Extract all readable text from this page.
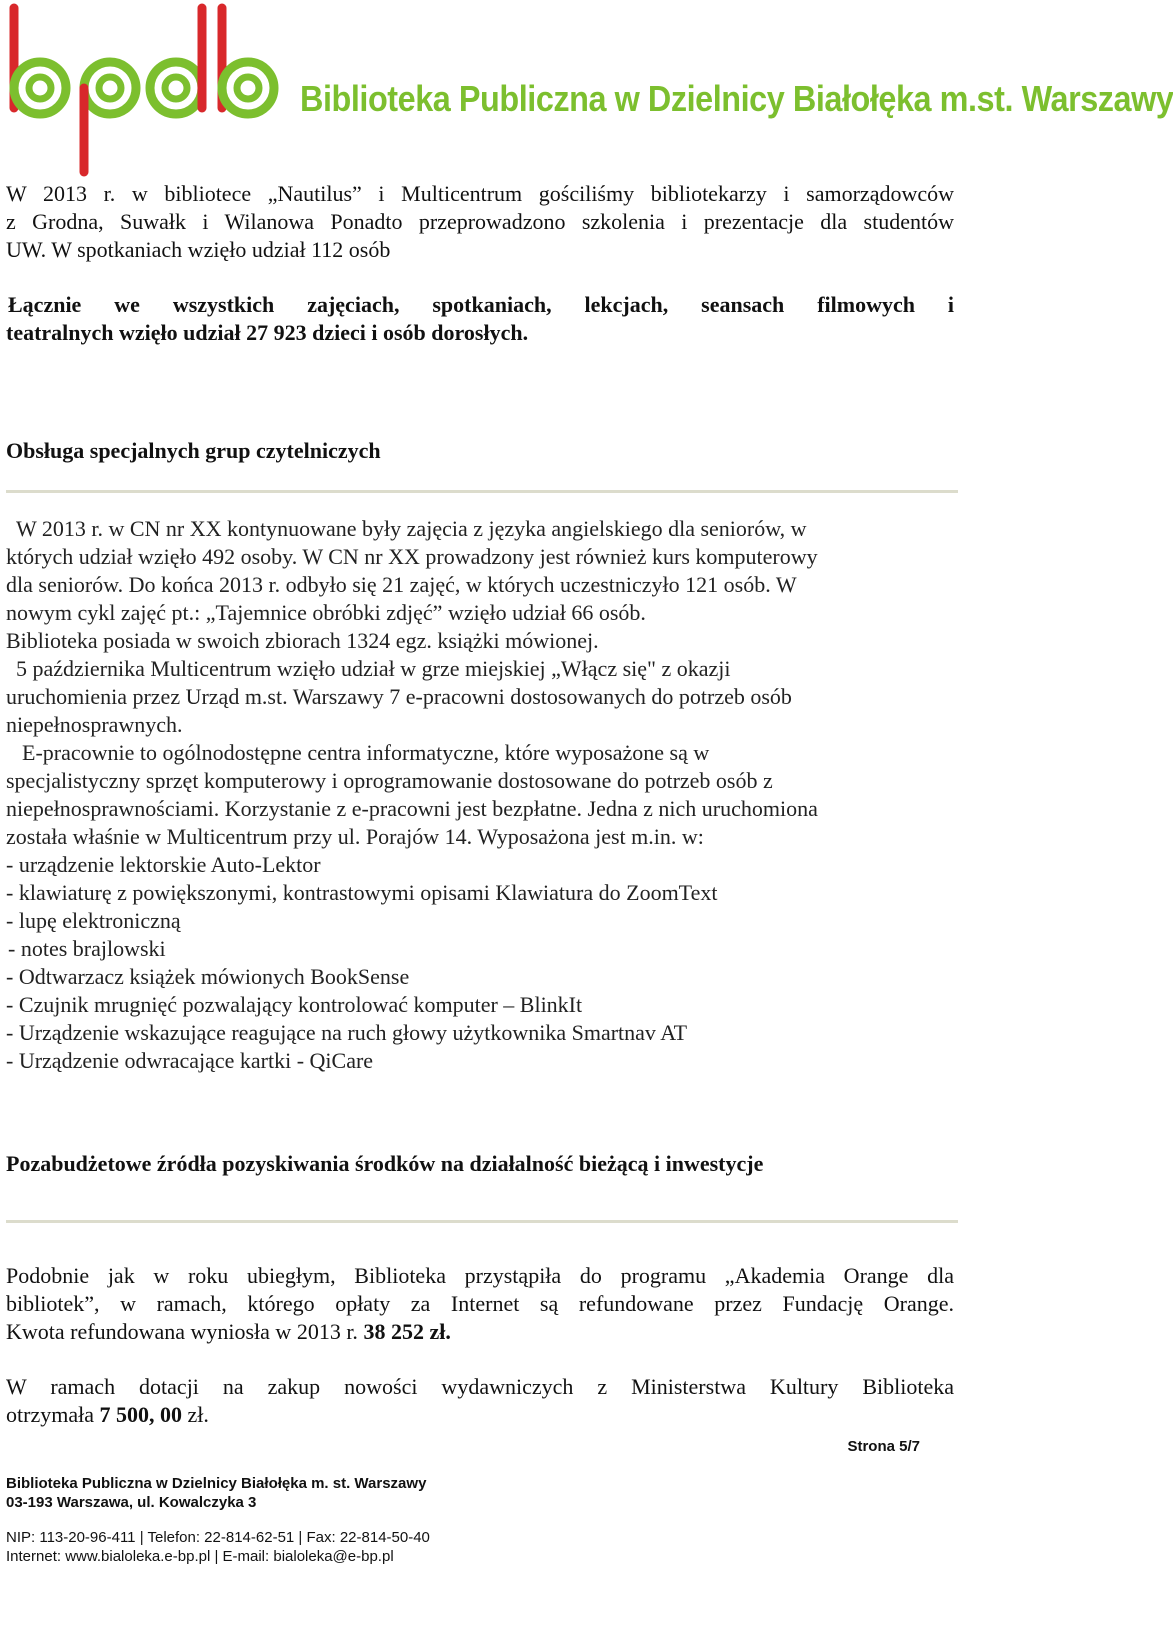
Biblioteka Publiczna w Dzielnicy Białołęka m.st. Warszawy
W 2013 r. w bibliotece „Nautilus” i Multicentrum gościliśmy bibliotekarzy i samorządowców
z Grodna, Suwałk i Wilanowa Ponadto przeprowadzono szkolenia i prezentacje dla studentów
UW. W spotkaniach wzięło udział 112 osób
Łącznie we wszystkich zajęciach, spotkaniach, lekcjach, seansach filmowych i
teatralnych wzięło udział 27 923 dzieci i osób dorosłych.
Obsługa specjalnych grup czytelniczych
W 2013 r. w CN nr XX kontynuowane były zajęcia z języka angielskiego dla seniorów, w
których udział wzięło 492 osoby. W CN nr XX prowadzony jest również kurs komputerowy
dla seniorów. Do końca 2013 r. odbyło się 21 zajęć, w których uczestniczyło 121 osób. W
nowym cykl zajęć pt.: „Tajemnice obróbki zdjęć” wzięło udział 66 osób.
Biblioteka posiada w swoich zbiorach 1324 egz. książki mówionej.
5 października Multicentrum wzięło udział w grze miejskiej „Włącz się" z okazji
uruchomienia przez Urząd m.st. Warszawy 7 e-pracowni dostosowanych do potrzeb osób
niepełnosprawnych.
E-pracownie to ogólnodostępne centra informatyczne, które wyposażone są w
specjalistyczny sprzęt komputerowy i oprogramowanie dostosowane do potrzeb osób z
niepełnosprawnościami. Korzystanie z e-pracowni jest bezpłatne. Jedna z nich uruchomiona
została właśnie w Multicentrum przy ul. Porajów 14. Wyposażona jest m.in. w:
- urządzenie lektorskie Auto-Lektor
- klawiaturę z powiększonymi, kontrastowymi opisami Klawiatura do ZoomText
- lupę elektroniczną
- notes brajlowski
- Odtwarzacz książek mówionych BookSense
- Czujnik mrugnięć pozwalający kontrolować komputer – BlinkIt
- Urządzenie wskazujące reagujące na ruch głowy użytkownika Smartnav AT
- Urządzenie odwracające kartki - QiCare
Pozabudżetowe źródła pozyskiwania środków na działalność bieżącą i inwestycje
Podobnie jak w roku ubiegłym, Biblioteka przystąpiła do programu „Akademia Orange dla
bibliotek”, w ramach, którego opłaty za Internet są refundowane przez Fundację Orange.
Kwota refundowana wyniosła w 2013 r. 38 252 zł.
W ramach dotacji na zakup nowości wydawniczych z Ministerstwa Kultury Biblioteka
otrzymała 7 500, 00 zł.
Strona 5/7
Biblioteka Publiczna w Dzielnicy Białołęka m. st. Warszawy
03-193 Warszawa, ul. Kowalczyka 3
NIP: 113-20-96-411 | Telefon: 22-814-62-51 | Fax: 22-814-50-40
Internet: www.bialoleka.e-bp.pl | E-mail: bialoleka@e-bp.pl
